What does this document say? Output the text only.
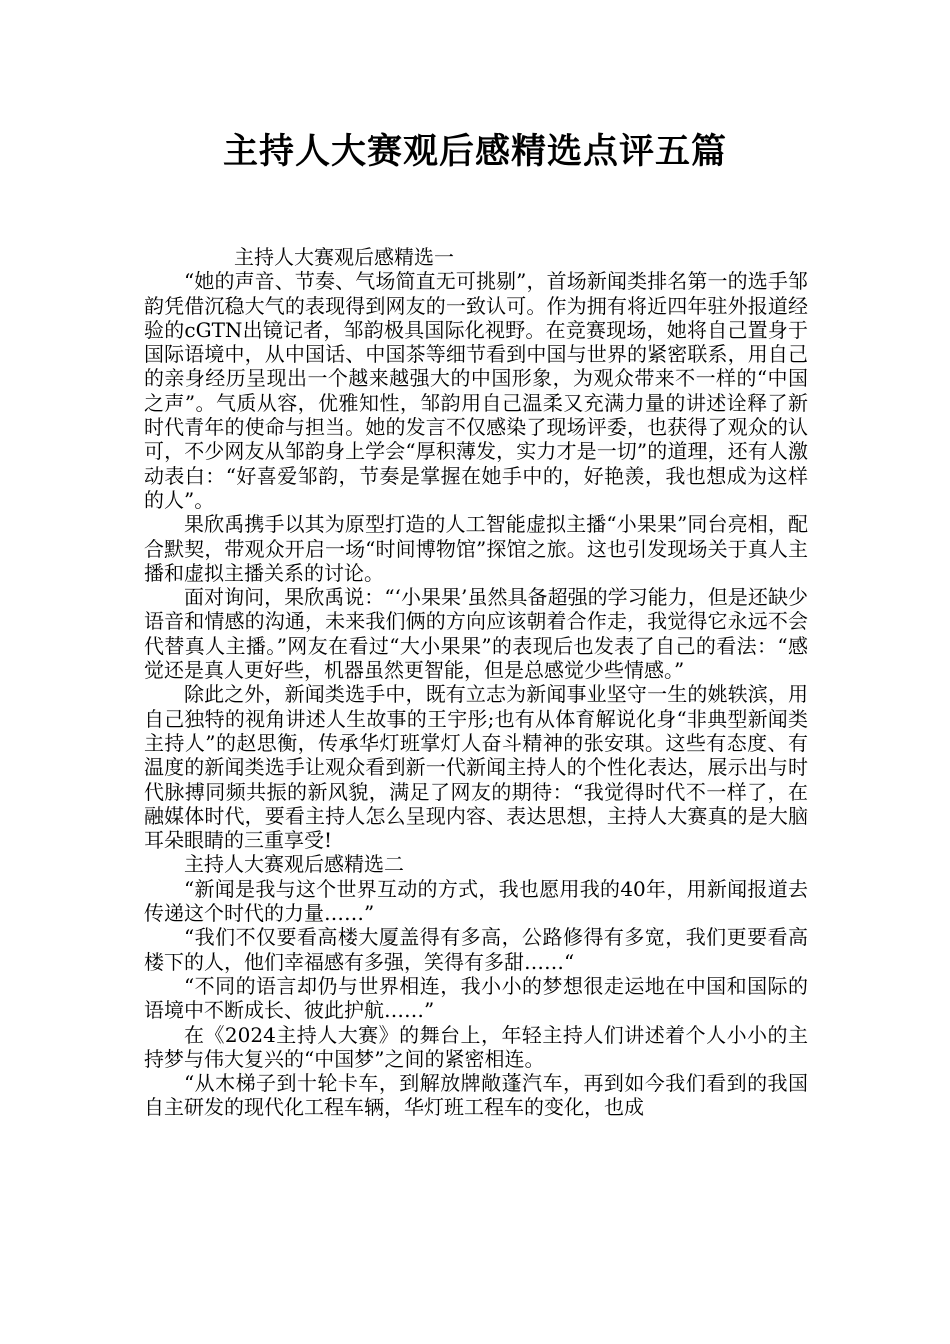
主持人大赛观后感精选点评五篇

主持人大赛观后感精选一

“她的声音、节奏、气场简直无可挑剔”，首场新闻类排名第一的选手邹韵凭借沉稳大气的表现得到网友的一致认可。作为拥有将近四年驻外报道经验的cGTN出镜记者，邹韵极具国际化视野。在竞赛现场，她将自己置身于国际语境中，从中国话、中国茶等细节看到中国与世界的紧密联系，用自己的亲身经历呈现出一个越来越强大的中国形象，为观众带来不一样的“中国之声”。气质从容，优雅知性，邹韵用自己温柔又充满力量的讲述诠释了新时代青年的使命与担当。她的发言不仅感染了现场评委，也获得了观众的认可，不少网友从邹韵身上学会“厚积薄发，实力才是一切”的道理，还有人激动表白：“好喜爱邹韵，节奏是掌握在她手中的，好艳羡，我也想成为这样的人”。

果欣禹携手以其为原型打造的人工智能虚拟主播“小果果”同台亮相，配合默契，带观众开启一场“时间博物馆”探馆之旅。这也引发现场关于真人主播和虚拟主播关系的讨论。

面对询问，果欣禹说：“‘小果果’虽然具备超强的学习能力，但是还缺少语音和情感的沟通，未来我们俩的方向应该朝着合作走，我觉得它永远不会代替真人主播。”网友在看过“大小果果”的表现后也发表了自己的看法：“感觉还是真人更好些，机器虽然更智能，但是总感觉少些情感。”

除此之外，新闻类选手中，既有立志为新闻事业坚守一生的姚轶滨，用自己独特的视角讲述人生故事的王宇彤;也有从体育解说化身“非典型新闻类主持人”的赵思衡，传承华灯班掌灯人奋斗精神的张安琪。这些有态度、有温度的新闻类选手让观众看到新一代新闻主持人的个性化表达，展示出与时代脉搏同频共振的新风貌，满足了网友的期待：“我觉得时代不一样了，在融媒体时代，要看主持人怎么呈现内容、表达思想，主持人大赛真的是大脑耳朵眼睛的三重享受!

主持人大赛观后感精选二

“新闻是我与这个世界互动的方式，我也愿用我的40年，用新闻报道去传递这个时代的力量……”

“我们不仅要看高楼大厦盖得有多高，公路修得有多宽，我们更要看高楼下的人，他们幸福感有多强，笑得有多甜……“

“不同的语言却仍与世界相连，我小小的梦想很走运地在中国和国际的语境中不断成长、彼此护航……”

在《2024主持人大赛》的舞台上，年轻主持人们讲述着个人小小的主持梦与伟大复兴的“中国梦”之间的紧密相连。

“从木梯子到十轮卡车，到解放牌敞蓬汽车，再到如今我们看到的我国自主研发的现代化工程车辆，华灯班工程车的变化，也成
